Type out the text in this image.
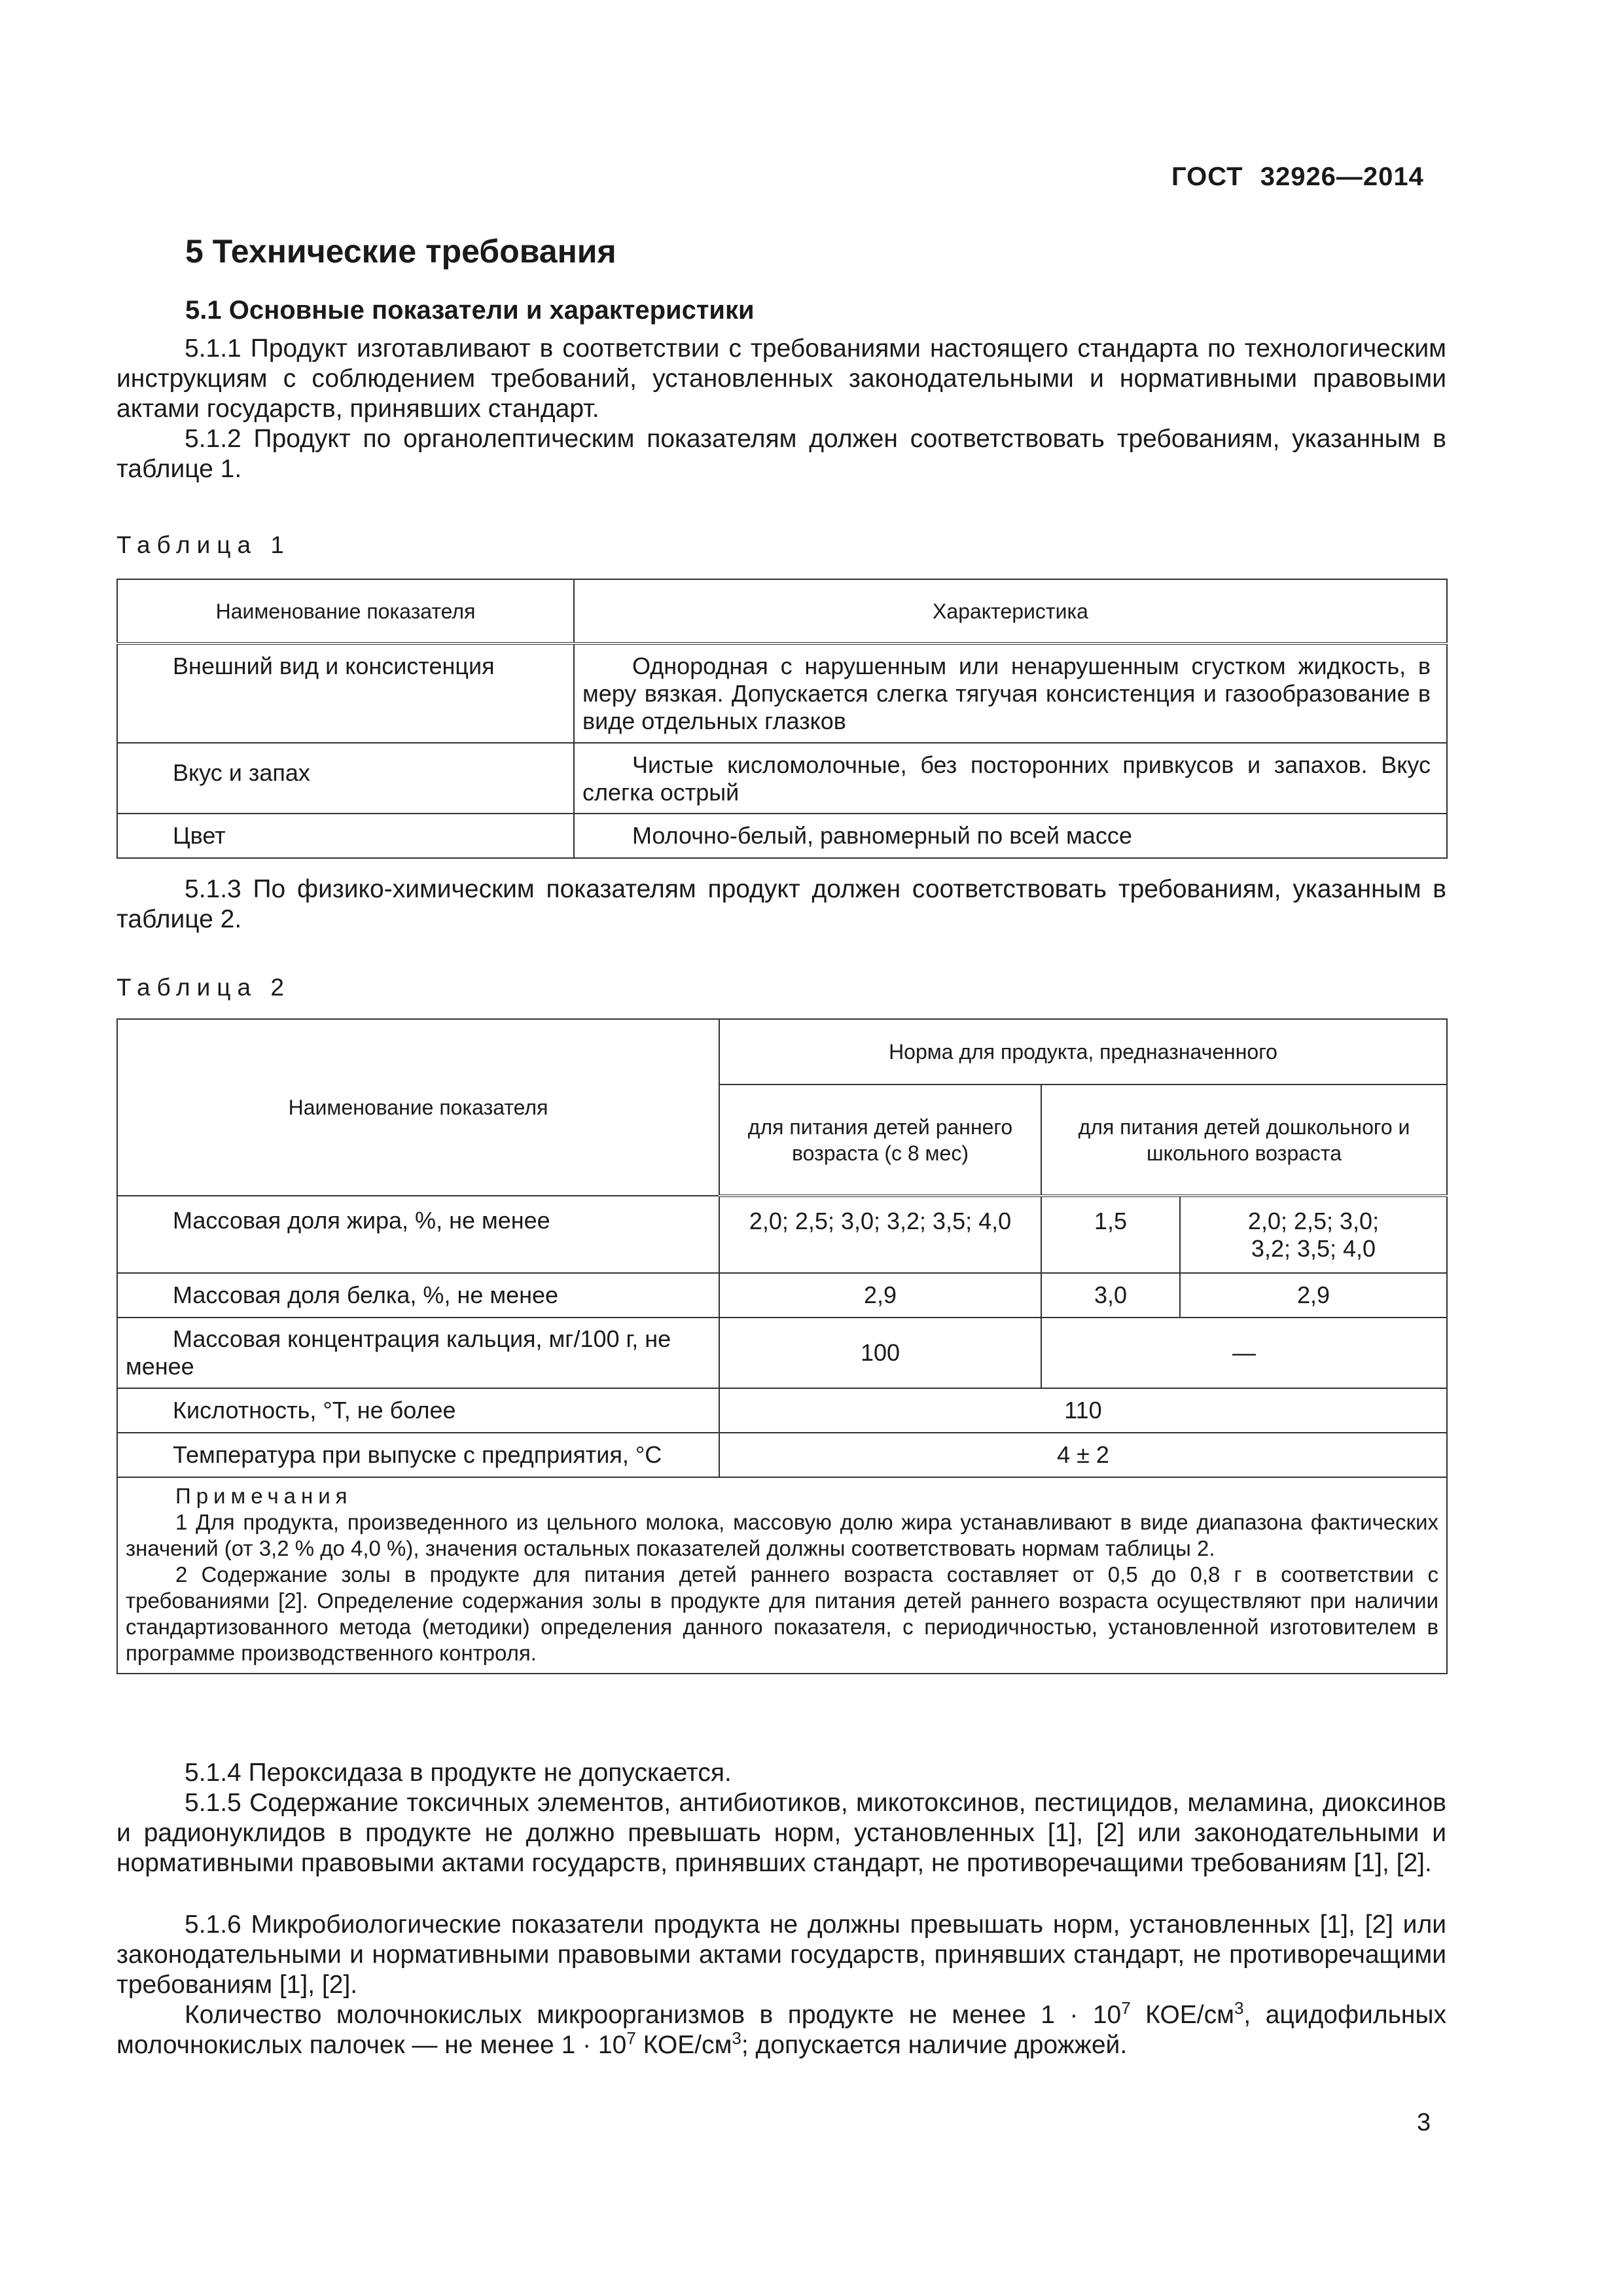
ГОСТ 32926—2014
5 Технические требования
5.1 Основные показатели и характеристики
5.1.1 Продукт изготавливают в соответствии с требованиями настоящего стандарта по технологическим инструкциям с соблюдением требований, установленных законодательными и нормативными правовыми актами государств, принявших стандарт.
5.1.2 Продукт по органолептическим показателям должен соответствовать требованиям, указанным в таблице 1.
Таблица 1
Наименование показателя	Характеристика
Внешний вид и консистенция	Однородная с нарушенным или ненарушенным сгустком жидкость, в меру вязкая. Допускается слегка тягучая консистенция и газообразование в виде отдельных глазков
Вкус и запах	Чистые кисломолочные, без посторонних привкусов и запахов. Вкус слегка острый
Цвет	Молочно-белый, равномерный по всей массе
5.1.3 По физико-химическим показателям продукт должен соответствовать требованиям, указанным в таблице 2.
Таблица 2
Наименование показателя	Норма для продукта, предназначенного		
	для питания детей раннего возраста (с 8 мес)	для питания детей дошкольного и школьного возраста	
Массовая доля жира, %, не менее	2,0; 2,5; 3,0; 3,2; 3,5; 4,0	1,5	2,0; 2,5; 3,0; 3,2; 3,5; 4,0
Массовая доля белка, %, не менее	2,9	3,0	2,9
Массовая концентрация кальция, мг/100 г, не менее	100	—	
Кислотность, °Т, не более	110		
Температура при выпуске с предприятия, °С	4 ± 2		

Примечания
1 Для продукта, произведенного из цельного молока, массовую долю жира устанавливают в виде диапазона фактических значений (от 3,2 % до 4,0 %), значения остальных показателей должны соответствовать нормам таблицы 2.
2 Содержание золы в продукте для питания детей раннего возраста составляет от 0,5 до 0,8 г в соответствии с требованиями [2]. Определение содержания золы в продукте для питания детей раннего возраста осуществляют при наличии стандартизованного метода (методики) определения данного показателя, с периодичностью, установленной изготовителем в программе производственного контроля.			
5.1.4 Пероксидаза в продукте не допускается.
5.1.5 Содержание токсичных элементов, антибиотиков, микотоксинов, пестицидов, меламина, диоксинов и радионуклидов в продукте не должно превышать норм, установленных [1], [2] или законодательными и нормативными правовыми актами государств, принявших стандарт, не противоречащими требованиям [1], [2].
5.1.6 Микробиологические показатели продукта не должны превышать норм, установленных [1], [2] или законодательными и нормативными правовыми актами государств, принявших стандарт, не противоречащими требованиям [1], [2].
Количество молочнокислых микроорганизмов в продукте не менее $1 \cdot 10^7$ КОЕ/$см^3$, ацидофильных молочнокислых палочек — не менее $1 \cdot 10^7$ КОЕ/$см^3$; допускается наличие дрожжей.
3
